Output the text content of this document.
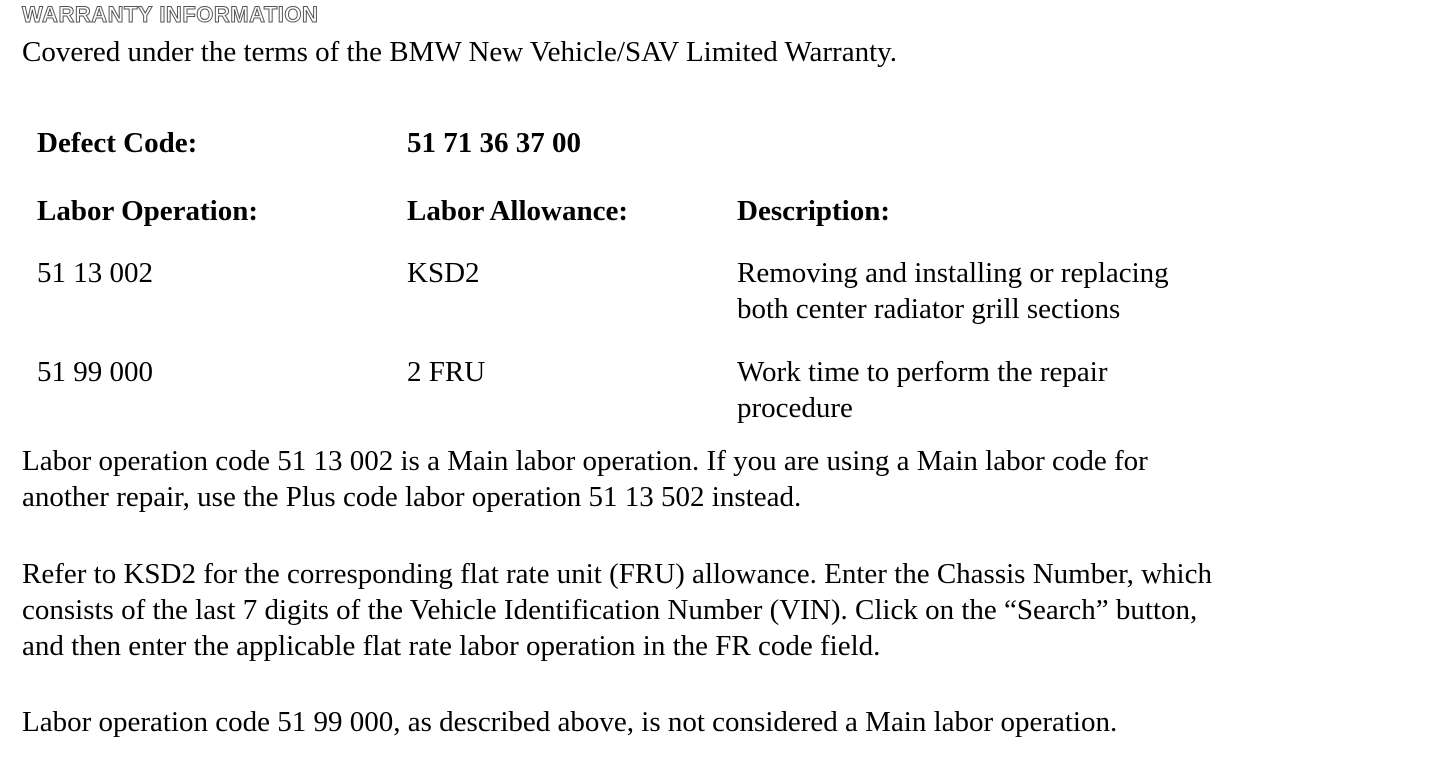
WARRANTY INFORMATION
Covered under the terms of the BMW New Vehicle/SAV Limited Warranty.
Defect Code:	51 71 36 37 00
Labor Operation:	Labor Allowance:	Description:
51 13 002	KSD2	Removing and installing or replacing
both center radiator grill sections
51 99 000	2 FRU	Work time to perform the repair
procedure
Labor operation code 51 13 002 is a Main labor operation. If you are using a Main labor code for
another repair, use the Plus code labor operation 51 13 502 instead.
Refer to KSD2 for the corresponding flat rate unit (FRU) allowance. Enter the Chassis Number, which
consists of the last 7 digits of the Vehicle Identification Number (VIN). Click on the “Search” button,
and then enter the applicable flat rate labor operation in the FR code field.
Labor operation code 51 99 000, as described above, is not considered a Main labor operation.
